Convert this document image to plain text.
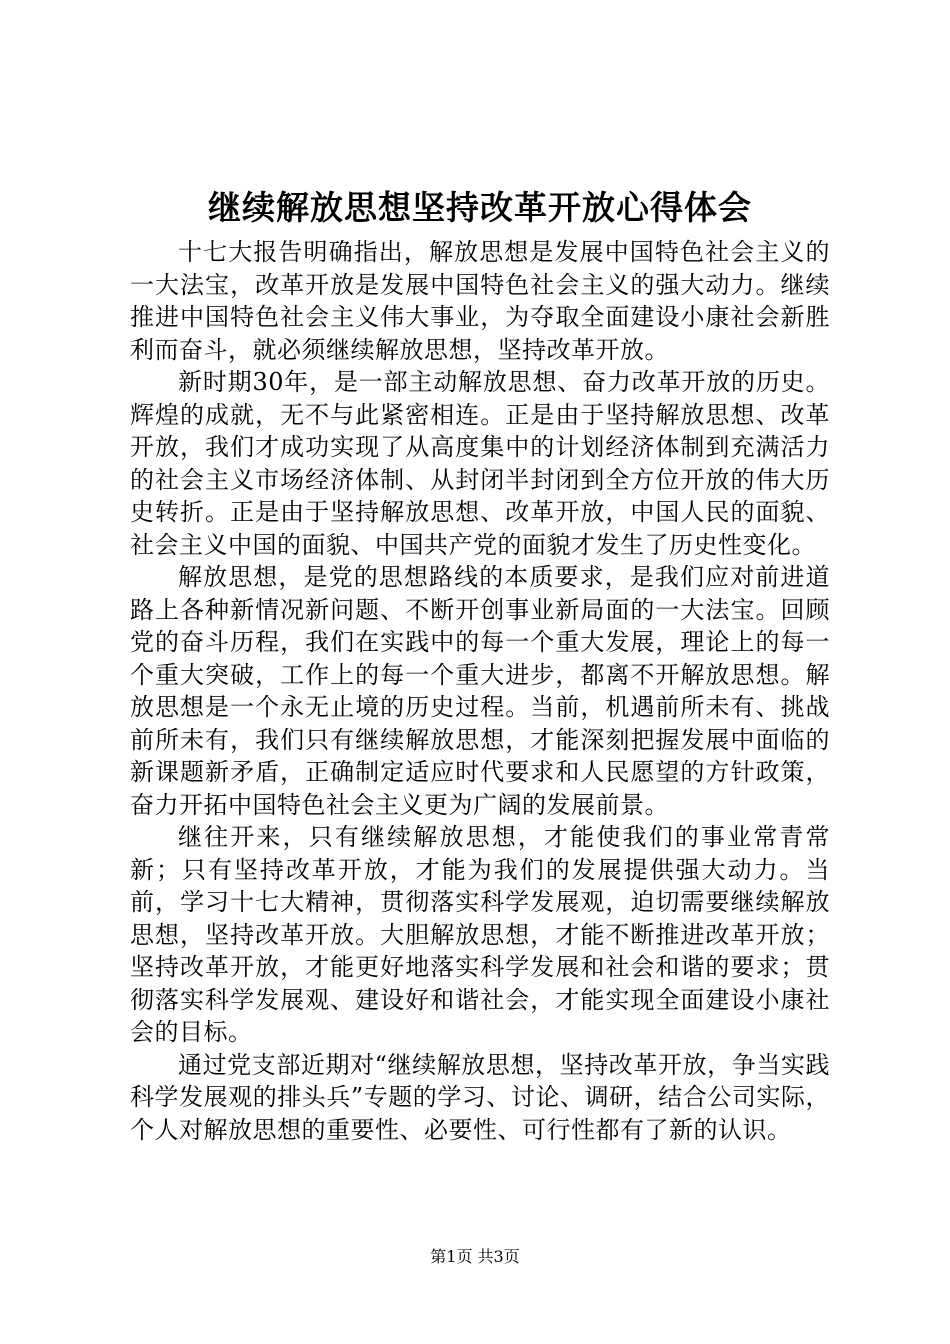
继续解放思想坚持改革开放心得体会

十七大报告明确指出，解放思想是发展中国特色社会主义的一大法宝，改革开放是发展中国特色社会主义的强大动力。继续推进中国特色社会主义伟大事业，为夺取全面建设小康社会新胜利而奋斗，就必须继续解放思想，坚持改革开放。

新时期30年，是一部主动解放思想、奋力改革开放的历史。辉煌的成就，无不与此紧密相连。正是由于坚持解放思想、改革开放，我们才成功实现了从高度集中的计划经济体制到充满活力的社会主义市场经济体制、从封闭半封闭到全方位开放的伟大历史转折。正是由于坚持解放思想、改革开放，中国人民的面貌、社会主义中国的面貌、中国共产党的面貌才发生了历史性变化。

解放思想，是党的思想路线的本质要求，是我们应对前进道路上各种新情况新问题、不断开创事业新局面的一大法宝。回顾党的奋斗历程，我们在实践中的每一个重大发展，理论上的每一个重大突破，工作上的每一个重大进步，都离不开解放思想。解放思想是一个永无止境的历史过程。当前，机遇前所未有、挑战前所未有，我们只有继续解放思想，才能深刻把握发展中面临的新课题新矛盾，正确制定适应时代要求和人民愿望的方针政策，奋力开拓中国特色社会主义更为广阔的发展前景。

继往开来，只有继续解放思想，才能使我们的事业常青常新；只有坚持改革开放，才能为我们的发展提供强大动力。当前，学习十七大精神，贯彻落实科学发展观，迫切需要继续解放思想，坚持改革开放。大胆解放思想，才能不断推进改革开放；坚持改革开放，才能更好地落实科学发展和社会和谐的要求；贯彻落实科学发展观、建设好和谐社会，才能实现全面建设小康社会的目标。

通过党支部近期对“继续解放思想，坚持改革开放，争当实践科学发展观的排头兵”专题的学习、讨论、调研，结合公司实际，个人对解放思想的重要性、必要性、可行性都有了新的认识。

第1页 共3页
